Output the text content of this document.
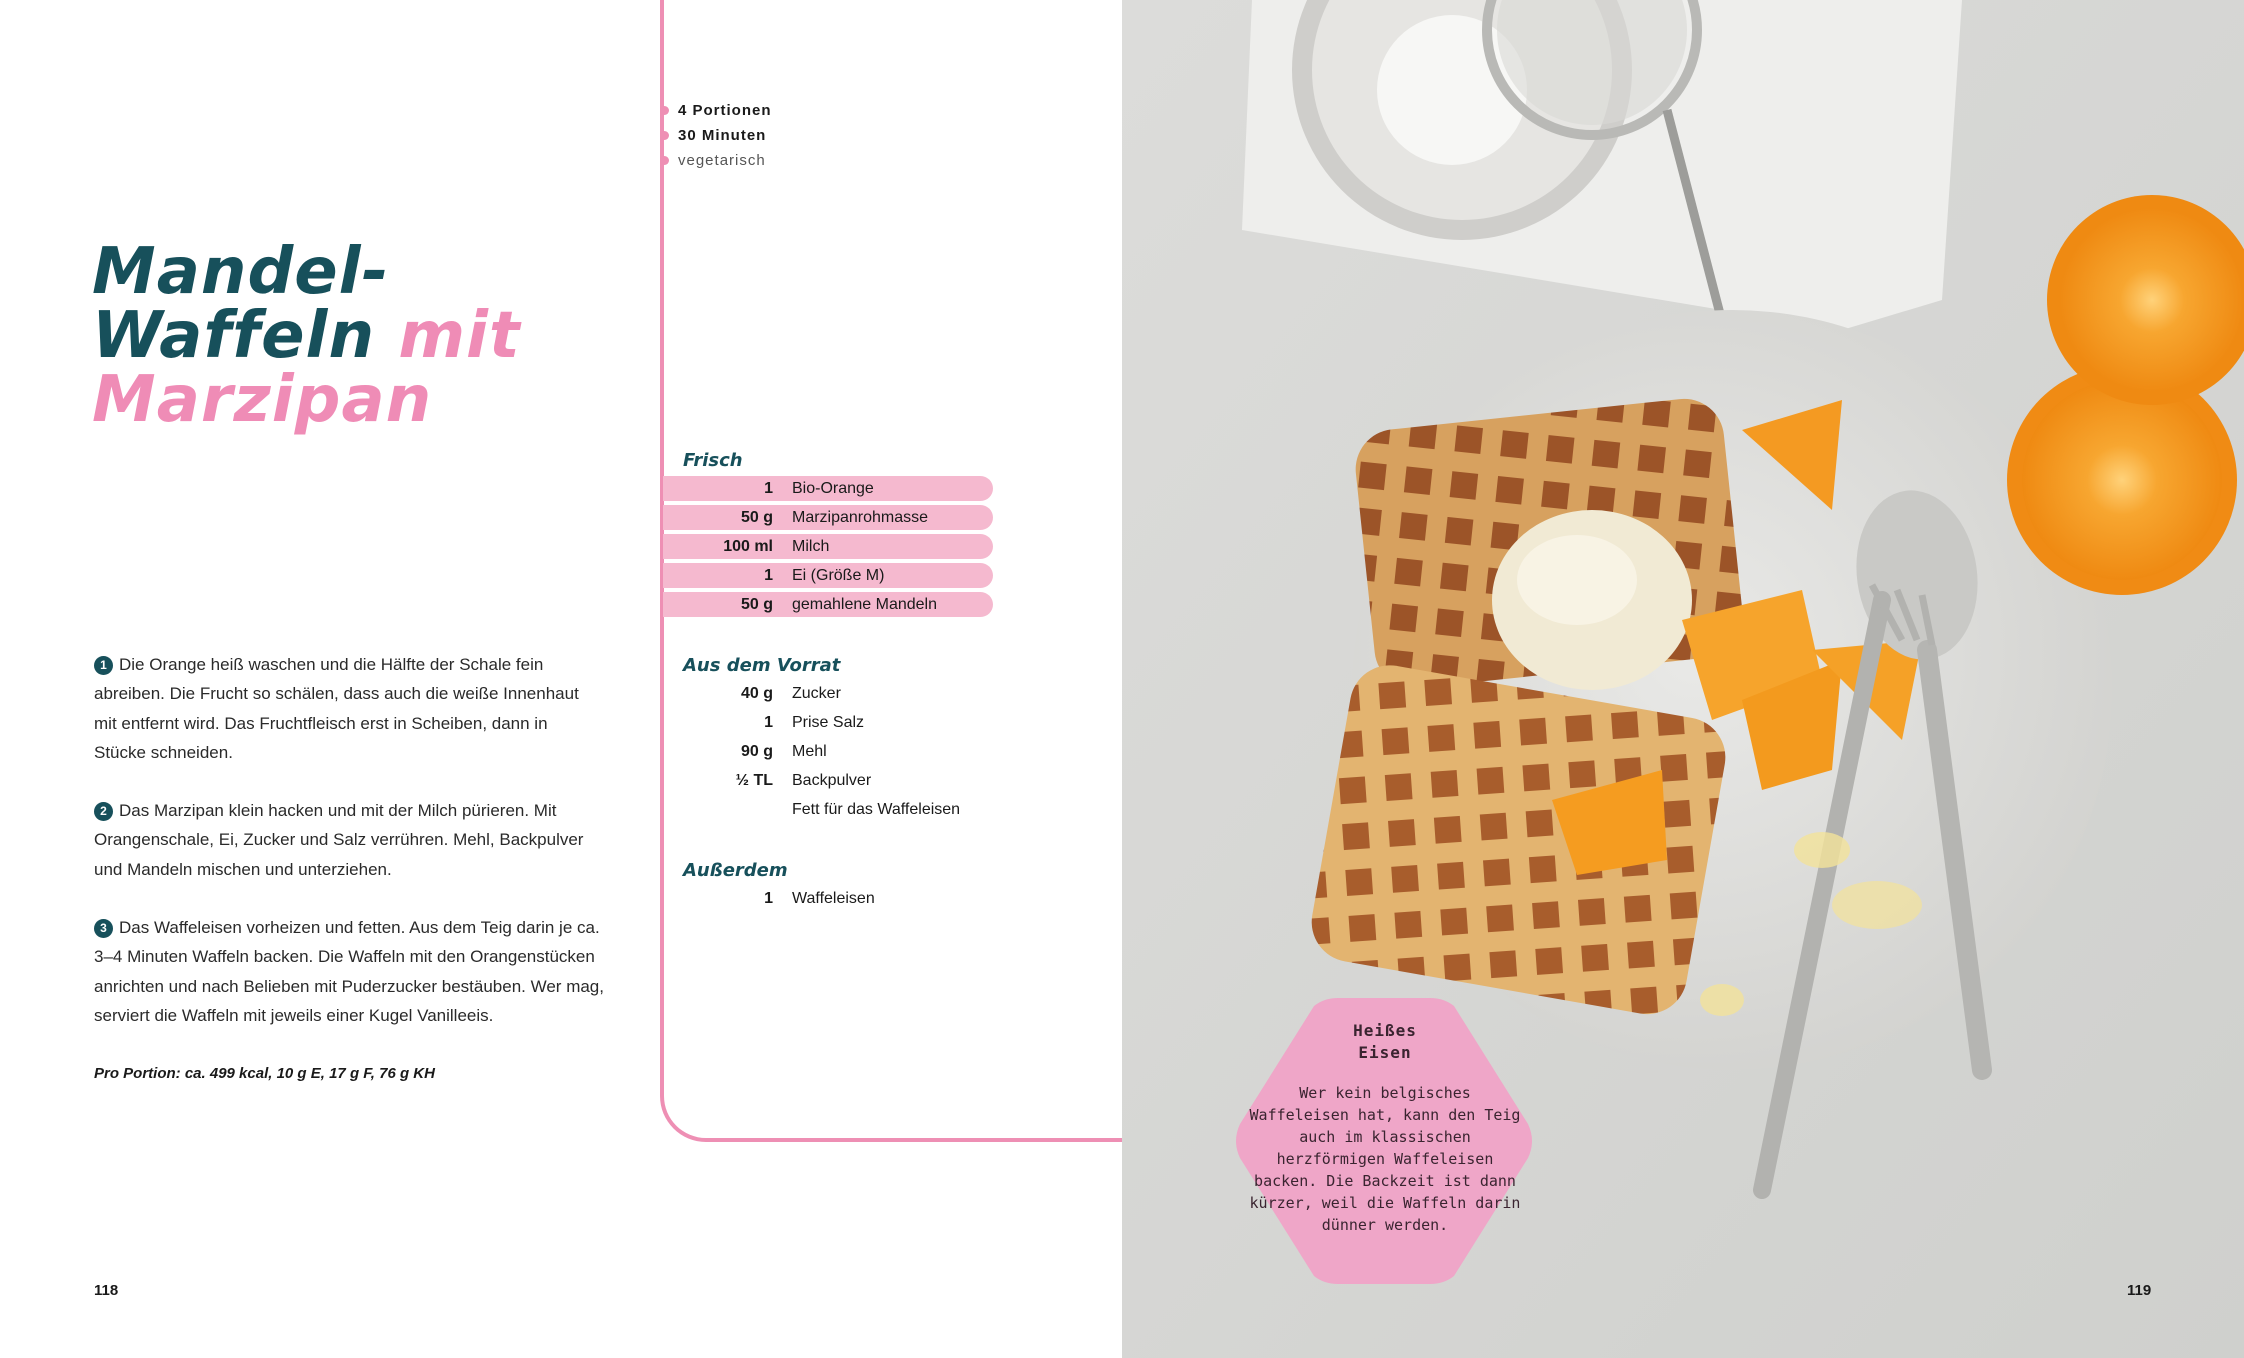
4 Portionen
30 Minuten
vegetarisch
Mandel-
Waffeln mit
Marzipan

1 Die Orange heiß waschen und die Hälfte der Schale fein abreiben. Die Frucht so schälen, dass auch die weiße Innenhaut mit entfernt wird. Das Fruchtfleisch erst in Scheiben, dann in Stücke schneiden.

2 Das Marzipan klein hacken und mit der Milch pürieren. Mit Orangenschale, Ei, Zucker und Salz verrühren. Mehl, Backpulver und Mandeln mischen und unterziehen.

3 Das Waffeleisen vorheizen und fetten. Aus dem Teig darin je ca. 3–4 Minuten Waffeln backen. Die Waffeln mit den Orangenstücken anrichten und nach Belieben mit Puderzucker bestäuben. Wer mag, serviert die Waffeln mit jeweils einer Kugel Vanilleeis.

Pro Portion: ca. 499 kcal, 10 g E, 17 g F, 76 g KH
118
Frisch
1 Bio-Orange
50 g Marzipanrohmasse
100 ml Milch
1 Ei (Größe M)
50 g gemahlene Mandeln
Aus dem Vorrat
40 g Zucker
1 Prise Salz
90 g Mehl
½ TL Backpulver
Fett für das Waffeleisen
Außerdem
1 Waffeleisen
Heißes
Eisen
Wer kein belgisches Waffeleisen hat, kann den Teig auch im klassischen herzförmigen Waffeleisen backen. Die Backzeit ist dann kürzer, weil die Waffeln darin dünner werden.
119
